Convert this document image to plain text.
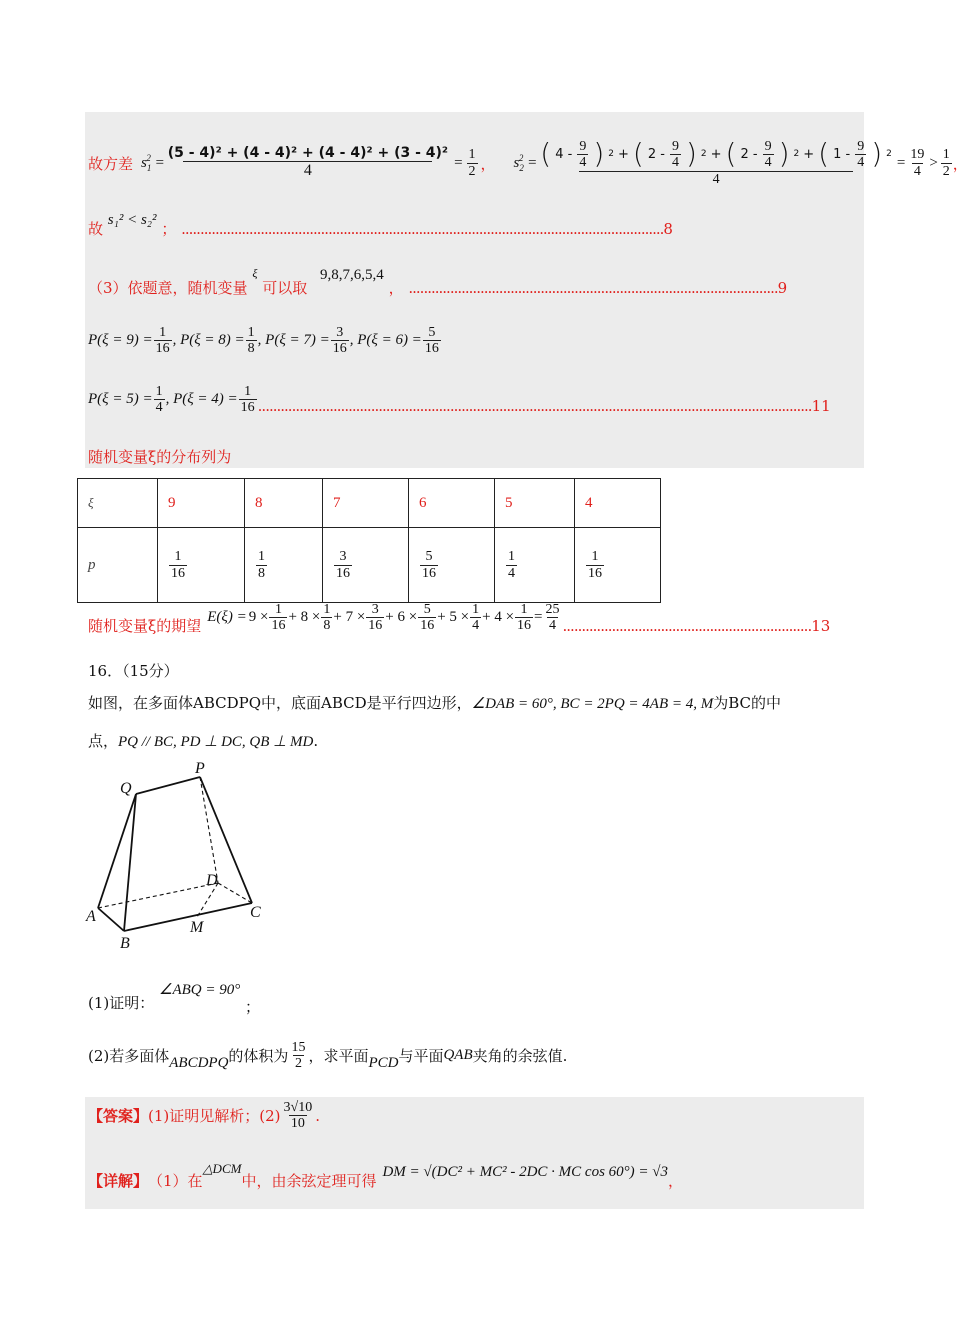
故方差 $s_1^2 = \frac{\text{(5 - 4)² + (4 - 4)² + (4 - 4)² + (3 - 4)²}}{4} = \frac{1}{2}$ ， $s_2^2$ = ( $4 - \frac{9}{4}$ ) 2 + ( $2 - \frac{9}{4}$ ) 2 + ( $2 - \frac{9}{4}$ ) 2 + ( $1 - \frac{9}{4}$ ) 2
4
= $\frac{19}{4} > \frac{1}{2}$ ，
故 s₁² < s₂² ； ................................................................................................................................8
（3）依题意，随机变量 $^\xi$ 可以取 9,8,7,6,5,4 ， ..................................................................................................9
$P(\xi = 9) = \frac{1}{16}$ , $P(\xi = 8) = \frac{1}{8}$ , $P(\xi = 7) = \frac{3}{16}$ , $P(\xi = 6) = \frac{5}{16}$
$P(\xi = 5) = \frac{1}{4}$ , $P(\xi = 4) = \frac{1}{16}$ ................................................................................................................................................... 11
随机变量ξ的分布列为
ξ	9	8	7	6	5	4
p	$\frac{1}{16}$	$\frac{1}{8}$	$\frac{3}{16}$	$\frac{5}{16}$	$\frac{1}{4}$	$\frac{1}{16}$
随机变量ξ的期望 $E(\xi) = 9 \times \frac{1}{16} + 8 \times \frac{1}{8} + 7 \times \frac{3}{16} + 6 \times \frac{5}{16} + 5 \times \frac{1}{4} + 4 \times \frac{1}{16} = \frac{25}{4}$ .................................................................. 13
16．（15分）
如图，在多面体ABCDPQ中，底面ABCD是平行四边形，∠DAB = 60°, BC = 2PQ = 4AB = 4, M为BC的中
点，PQ // BC, PD ⊥ DC, QB ⊥ MD.
P
Q
D
A
B
C
M
(1)证明： ∠ABQ = 90° ；
(2)若多面体 ABCDPQ 的体积为 $\frac{15}{2}$ ，求平面 PCD 与平面 QAB 夹角的余弦值.
【答案】 (1)证明见解析；$(2) \frac{3√10}{10}$ .
【详解】 （1）在
△DCM
中，由余弦定理可得 DM = √(DC² + MC² - 2DC · MC cos 60°) = √3 ，
